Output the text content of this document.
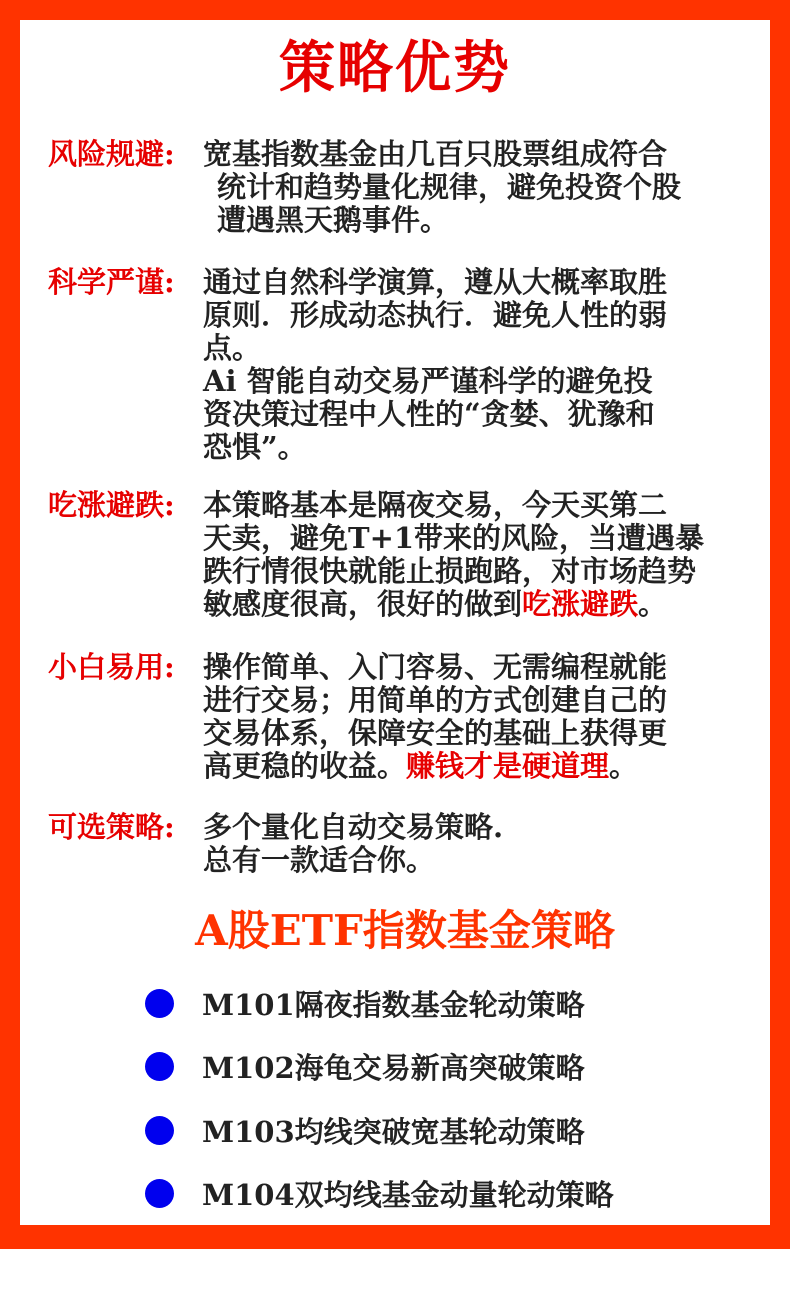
策略优势
风险规避: 宽基指数基金由几百只股票组成符合
统计和趋势量化规律，避免投资个股
遭遇黑天鹅事件。
科学严谨: 通过自然科学演算，遵从大概率取胜
原则．形成动态执行．避免人性的弱
点。
Ai 智能自动交易严谨科学的避免投
资决策过程中人性的“贪婪、犹豫和
恐惧”。
吃涨避跌: 本策略基本是隔夜交易，今天买第二
天卖，避免T+1带来的风险，当遭遇暴
跌行情很快就能止损跑路，对市场趋势
敏感度很高，很好的做到吃涨避跌。
小白易用: 操作简单、入门容易、无需编程就能
进行交易；用简单的方式创建自己的
交易体系，保障安全的基础上获得更
高更稳的收益。赚钱才是硬道理。
可选策略: 多个量化自动交易策略.
总有一款适合你。
A股ETF指数基金策略
M101隔夜指数基金轮动策略
M102海龟交易新高突破策略
M103均线突破宽基轮动策略
M104双均线基金动量轮动策略
